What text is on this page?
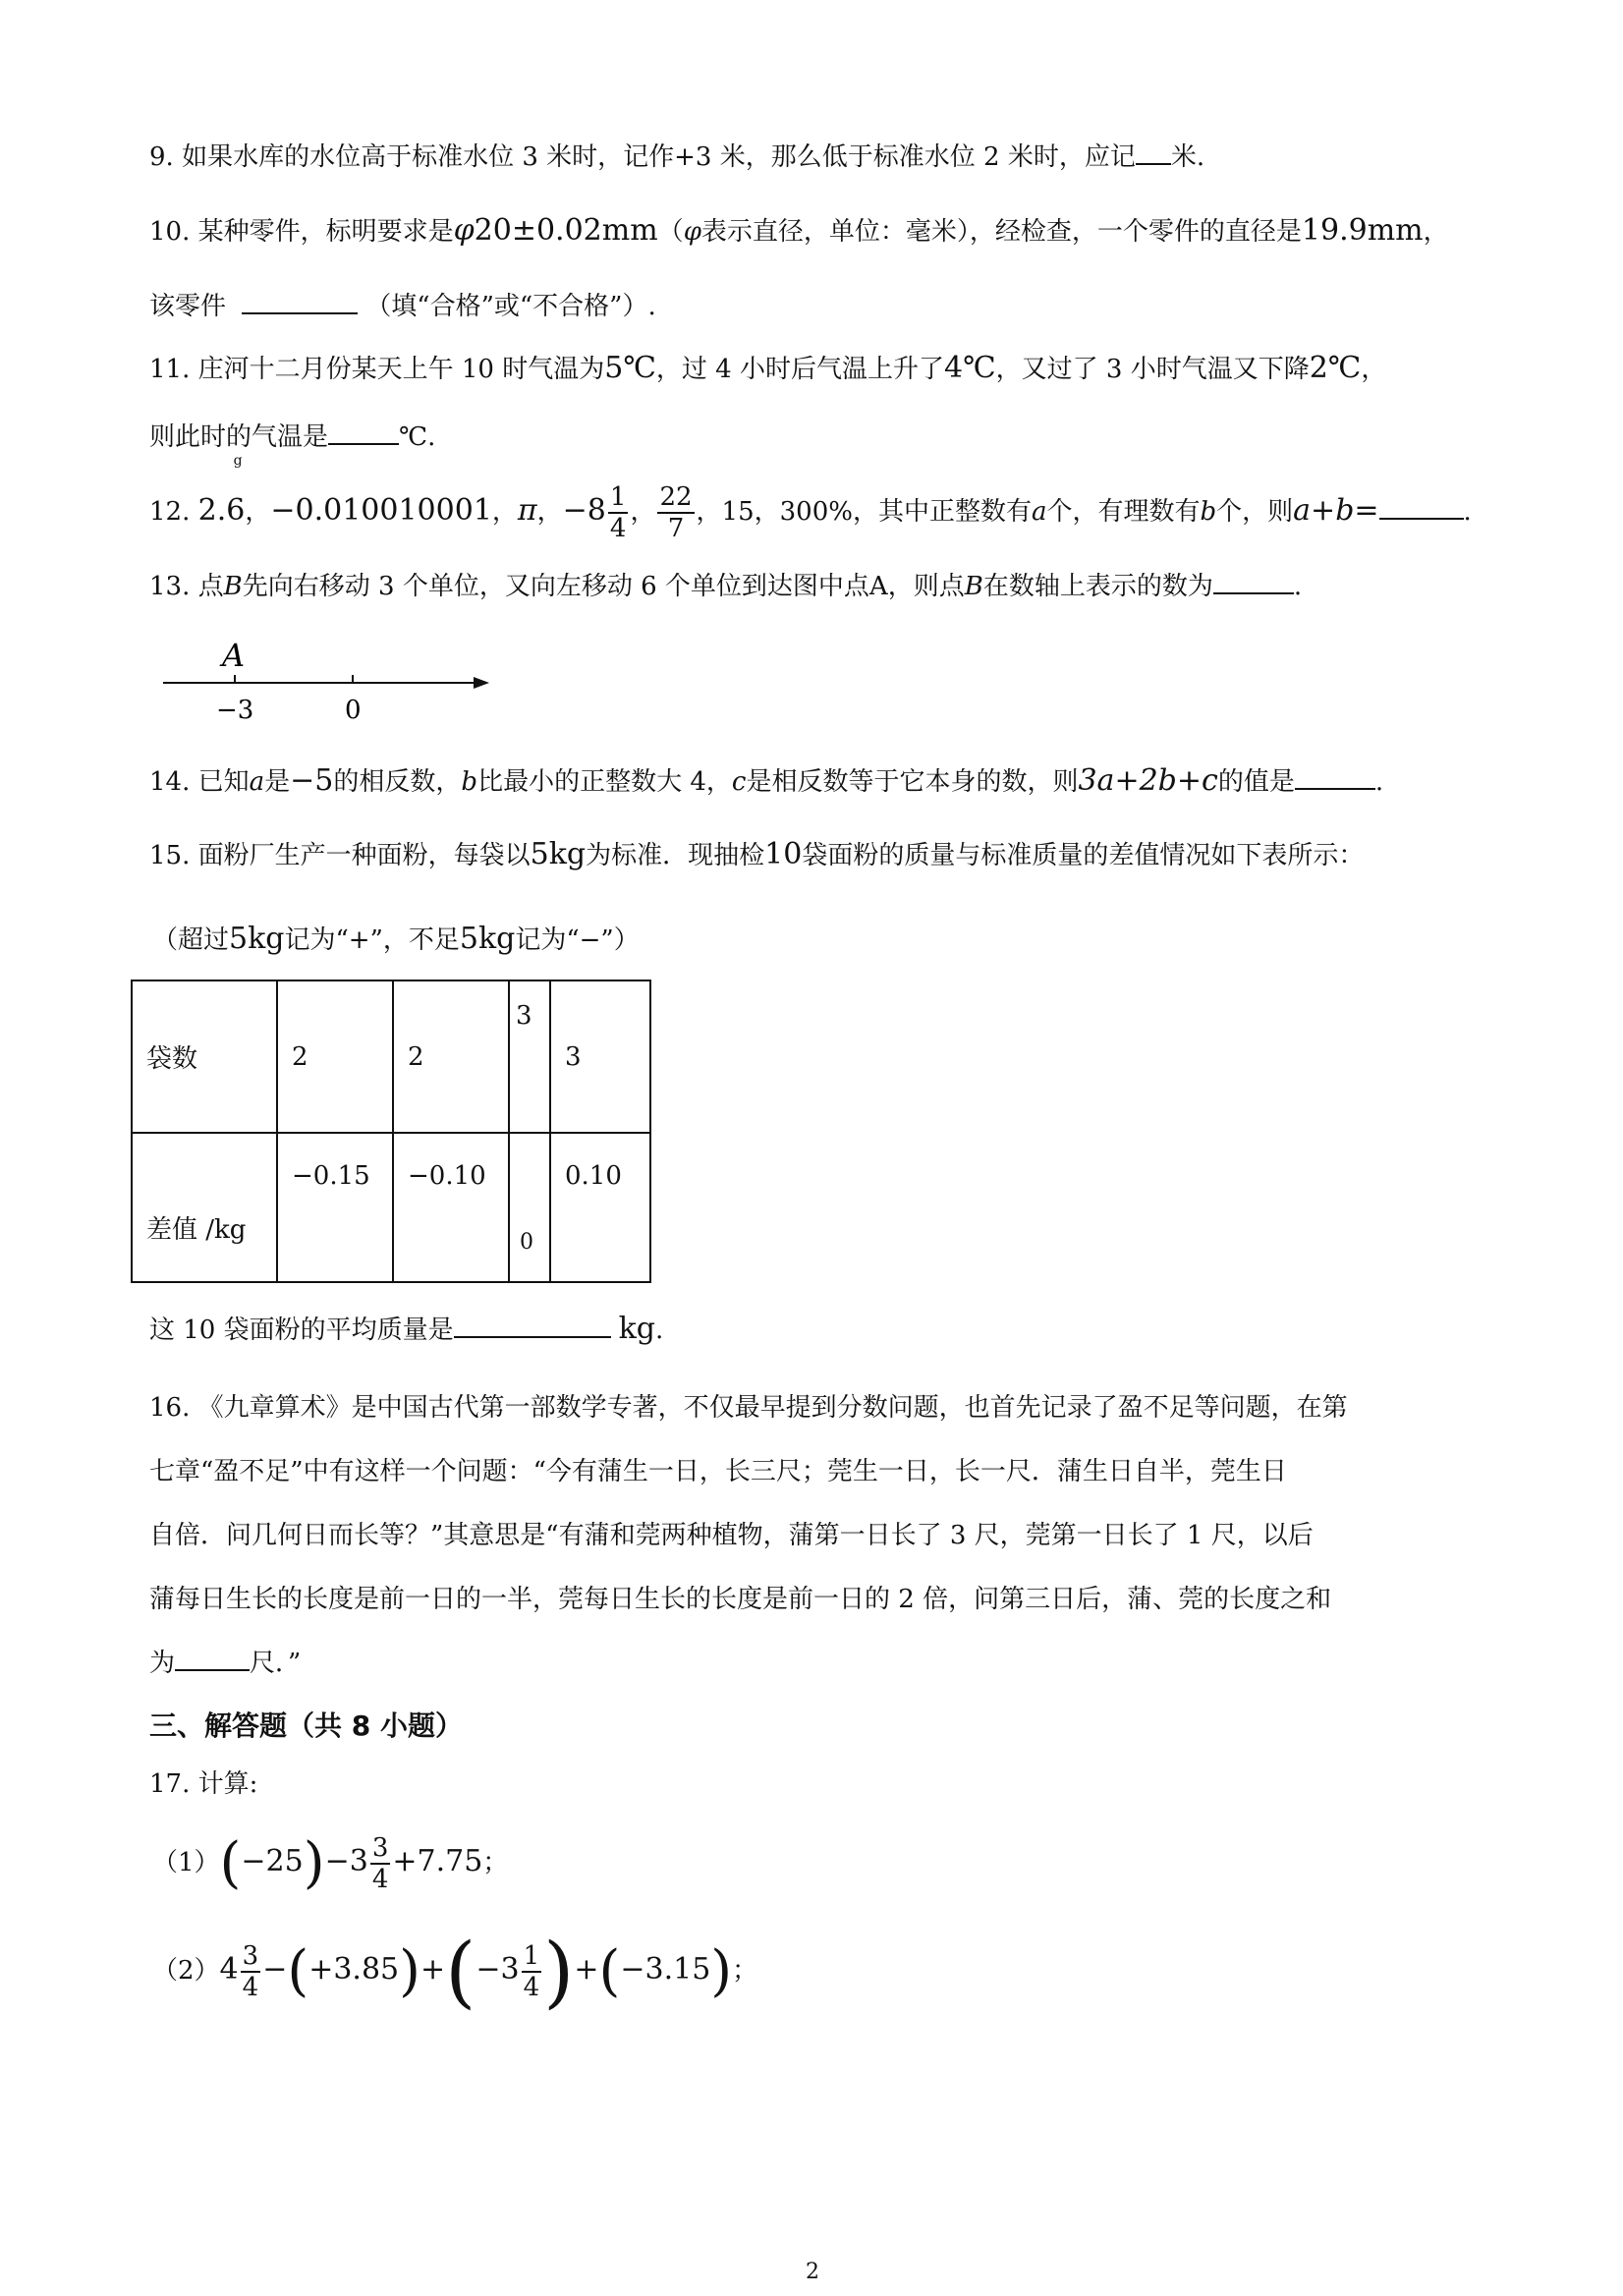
9. 如果水库的水位高于标准水位 3 米时，记作+3 米，那么低于标准水位 2 米时，应记 米.
10. 某种零件，标明要求是φ20±0.02mm（φ表示直径，单位：毫米），经检查，一个零件的直径是19.9mm，
该零件	（填“合格”或“不合格”）.
11. 庄河十二月份某天上午 10 时气温为5℃，过 4 小时后气温上升了4℃，又过了 3 小时气温又下降2℃，
则此时的气温是	℃.
12.
g
2.6，−0.010010001，π，$-8 \frac{1}{4}$ ， $\frac{22}{7}$ ，15，300%，其中正整数有a个，有理数有b个，则a+b=	.
13. 点B先向右移动 3 个单位，又向左移动 6 个单位到达图中点A，则点B在数轴上表示的数为	.
A
−3	0
14. 已知a是−5的相反数，b比最小的正整数大 4，c是相反数等于它本身的数，则3a+2b+c的值是	.
15. 面粉厂生产一种面粉，每袋以5kg为标准．现抽检10袋面粉的质量与标准质量的差值情况如下表所示：
（超过5kg记为“+”，不足5kg记为“−”）
袋数	2	2	3	3
差值 /kg	−0.15	−0.10	0	0.10
这 10 袋面粉的平均质量是	kg.
16. 《九章算术》是中国古代第一部数学专著，不仅最早提到分数问题，也首先记录了盈不足等问题，在第
七章“盈不足”中有这样一个问题：“今有蒲生一日，长三尺；莞生一日，长一尺．蒲生日自半，莞生日
自倍．问几何日而长等？”其意思是“有蒲和莞两种植物，蒲第一日长了 3 尺，莞第一日长了 1 尺，以后
蒲每日生长的长度是前一日的一半，莞每日生长的长度是前一日的 2 倍，问第三日后，蒲、莞的长度之和
为	尺．”
三、解答题（共 8 小题）
17. 计算:
$(1)(-25)-3 \frac{3}{4} +7.75$；
$(2)4 \frac{3}{4} -(+3.85)+(-3 \frac{1}{4} )+(-3.15)$；
2
